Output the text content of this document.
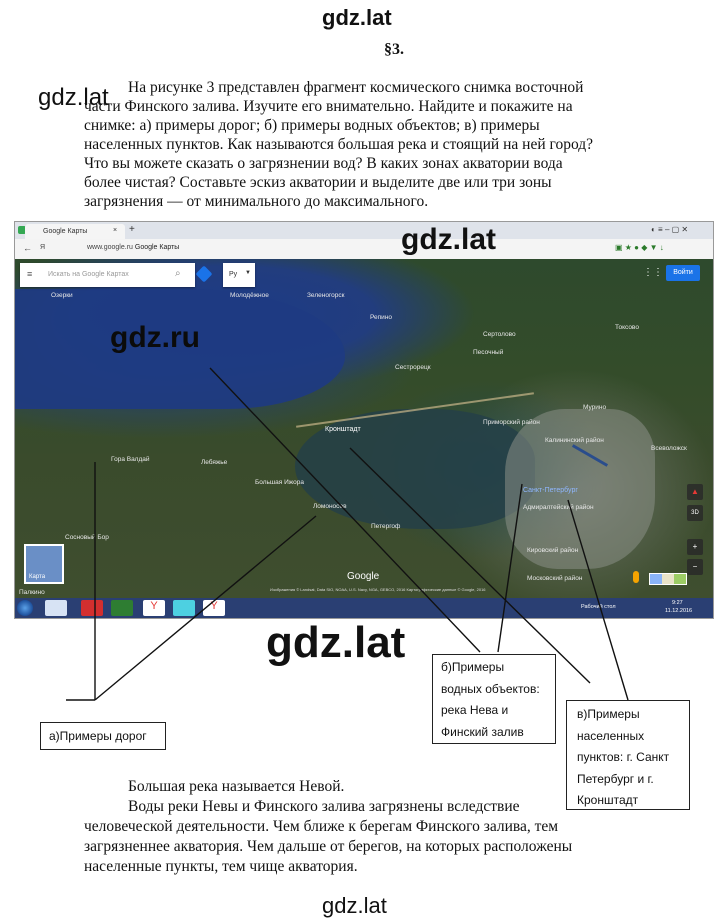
gdz.lat
§3.
gdz.lat	На рисунке 3 представлен фрагмент космического снимка восточной
части Финского залива. Изучите его внимательно. Найдите и покажите на
снимке: а) примеры дорог; б) примеры водных объектов; в) примеры
населенных пунктов. Как называются большая река и стоящий на ней город?
Что вы можете сказать о загрязнении вод? В каких зонах акватории вода
более чистая? Составьте эскиз акватории и выделите две или три зоны
загрязнения — от минимального до максимального.
Google Карты	× +	◐ ≡ – ▢ ✕
← Я	www.google.ru Google Карты	▣ ★ ● ◆ ▼ ↓
≡ Искать на Google Картах	⌕	Ру ▼	⋮⋮	Войти
gdz.lat
gdz.ru
Озерки	Молодёжное	Зеленогорск
Репино
Сертолово
Песочный
Сестрорецк
Токсово
Мурино
Кронштадт
Приморский район
Калининский район
Всеволожск
Гора Валдай	Лебяжье
Большая Ижора
Ломоносов
Петергоф
Санкт-Петербург
Адмиралтейский район
Кировский район
Московский район
Сосновый Бор
Палкино
Карта	Google
Изображения © Landsat, Data SIO, NOAA, U.S. Navy, NGA, GEBCO, 2016 Картографические данные © Google, 2016
▲
3D
+
−
Y	Y	Рабочий стол
9:27
11.12.2016
gdz.lat
а)Примеры дорог
б)Примеры
водных объектов:
река Нева и
Финский залив
в)Примеры
населенных
пунктов: г. Санкт
Петербург и г.
Кронштадт
Большая река называется Невой.
Воды реки Невы и Финского залива загрязнены вследствие
человеческой деятельности. Чем ближе к берегам Финского залива, тем
загрязненнее акватория. Чем дальше от берегов, на которых расположены
населенные пункты, тем чище акватория.
gdz.lat
